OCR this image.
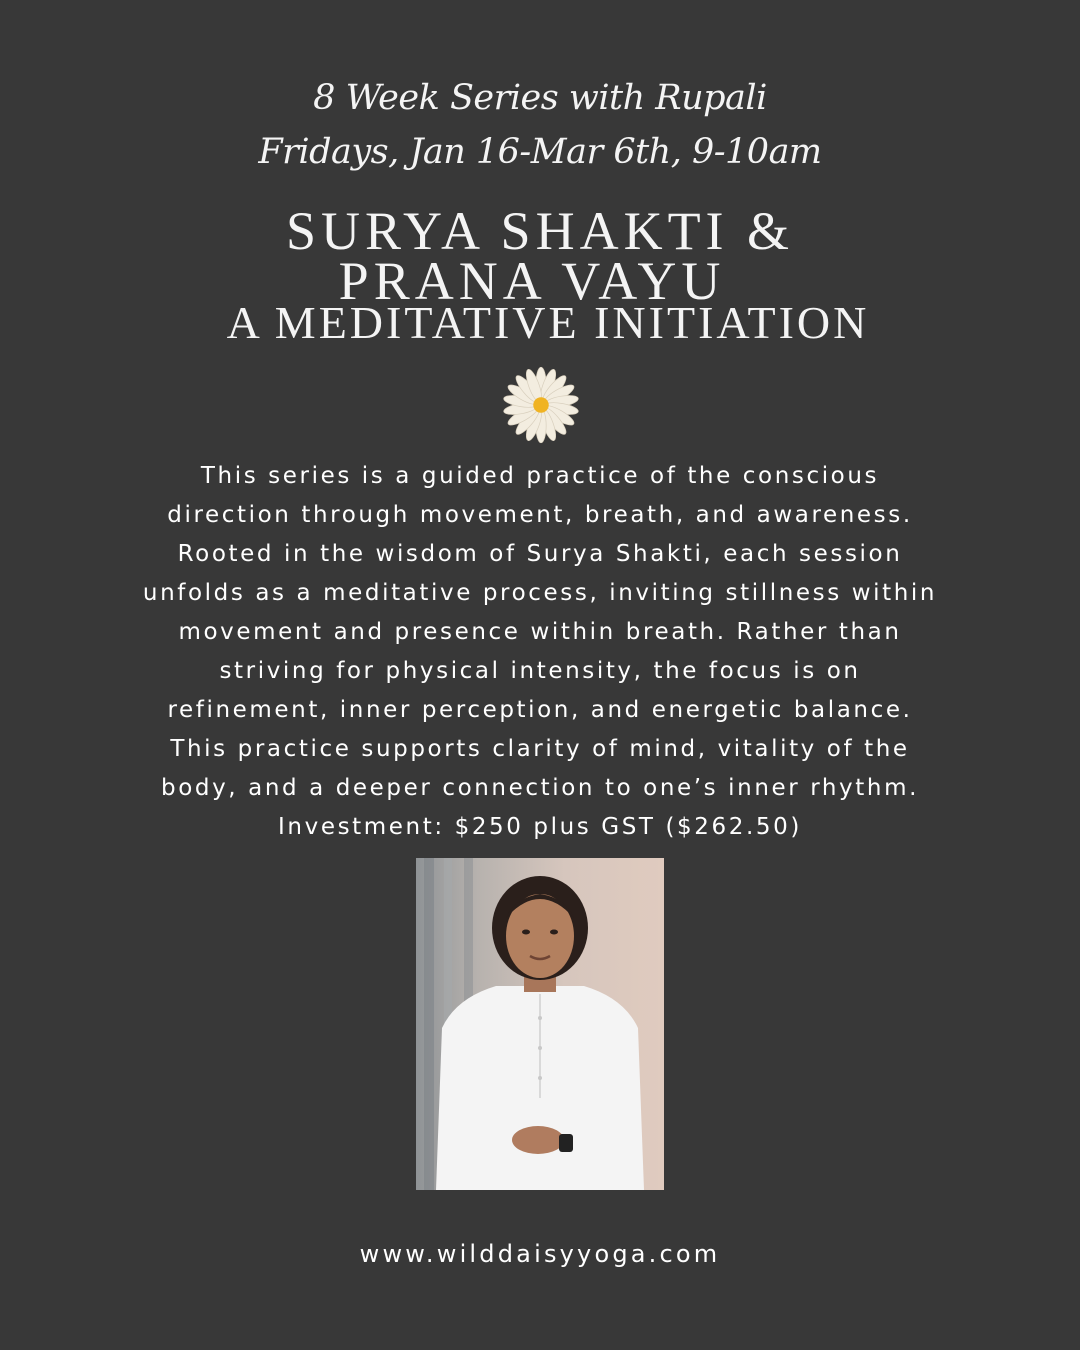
8 Week Series with Rupali
Fridays, Jan 16-Mar 6th, 9-10am
SURYA SHAKTI &
PRANA VAYU
A MEDITATIVE INITIATION
This series is a guided practice of the conscious
direction through movement, breath, and awareness.
Rooted in the wisdom of Surya Shakti, each session
unfolds as a meditative process, inviting stillness within
movement and presence within breath. Rather than
striving for physical intensity, the focus is on
refinement, inner perception, and energetic balance.
This practice supports clarity of mind, vitality of the
body, and a deeper connection to one’s inner rhythm.
Investment: $250 plus GST ($262.50)
www.wilddaisyyoga.com
